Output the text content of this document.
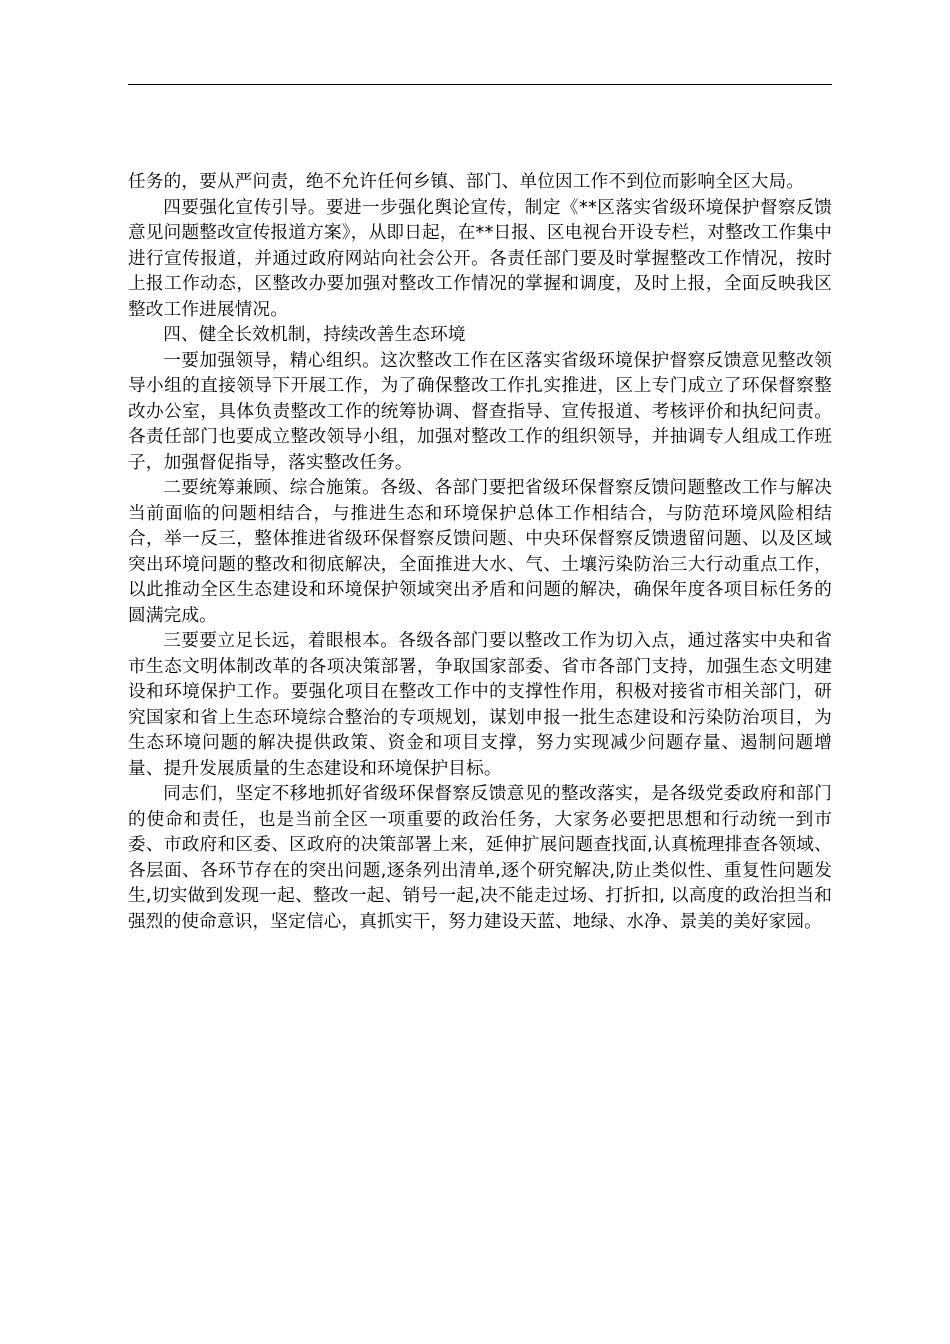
任务的，要从严问责，绝不允许任何乡镇、部门、单位因工作不到位而影响全区大局。

四要强化宣传引导。要进一步强化舆论宣传，制定《**区落实省级环境保护督察反馈意见问题整改宣传报道方案》，从即日起，在**日报、区电视台开设专栏，对整改工作集中进行宣传报道，并通过政府网站向社会公开。各责任部门要及时掌握整改工作情况，按时上报工作动态，区整改办要加强对整改工作情况的掌握和调度，及时上报，全面反映我区整改工作进展情况。

四、健全长效机制，持续改善生态环境

一要加强领导，精心组织。这次整改工作在区落实省级环境保护督察反馈意见整改领导小组的直接领导下开展工作，为了确保整改工作扎实推进，区上专门成立了环保督察整改办公室，具体负责整改工作的统筹协调、督查指导、宣传报道、考核评价和执纪问责。各责任部门也要成立整改领导小组，加强对整改工作的组织领导，并抽调专人组成工作班子，加强督促指导，落实整改任务。

二要统筹兼顾、综合施策。各级、各部门要把省级环保督察反馈问题整改工作与解决当前面临的问题相结合，与推进生态和环境保护总体工作相结合，与防范环境风险相结合，举一反三，整体推进省级环保督察反馈问题、中央环保督察反馈遗留问题、以及区域突出环境问题的整改和彻底解决，全面推进大水、气、土壤污染防治三大行动重点工作，以此推动全区生态建设和环境保护领域突出矛盾和问题的解决，确保年度各项目标任务的圆满完成。

三要要立足长远，着眼根本。各级各部门要以整改工作为切入点，通过落实中央和省市生态文明体制改革的各项决策部署，争取国家部委、省市各部门支持，加强生态文明建设和环境保护工作。要强化项目在整改工作中的支撑性作用，积极对接省市相关部门，研究国家和省上生态环境综合整治的专项规划，谋划申报一批生态建设和污染防治项目，为生态环境问题的解决提供政策、资金和项目支撑，努力实现减少问题存量、遏制问题增量、提升发展质量的生态建设和环境保护目标。

同志们，坚定不移地抓好省级环保督察反馈意见的整改落实，是各级党委政府和部门的使命和责任，也是当前全区一项重要的政治任务，大家务必要把思想和行动统一到市委、市政府和区委、区政府的决策部署上来，延伸扩展问题查找面,认真梳理排查各领域、各层面、各环节存在的突出问题,逐条列出清单,逐个研究解决,防止类似性、重复性问题发生,切实做到发现一起、整改一起、销号一起,决不能走过场、打折扣, 以高度的政治担当和强烈的使命意识，坚定信心，真抓实干，努力建设天蓝、地绿、水净、景美的美好家园。
